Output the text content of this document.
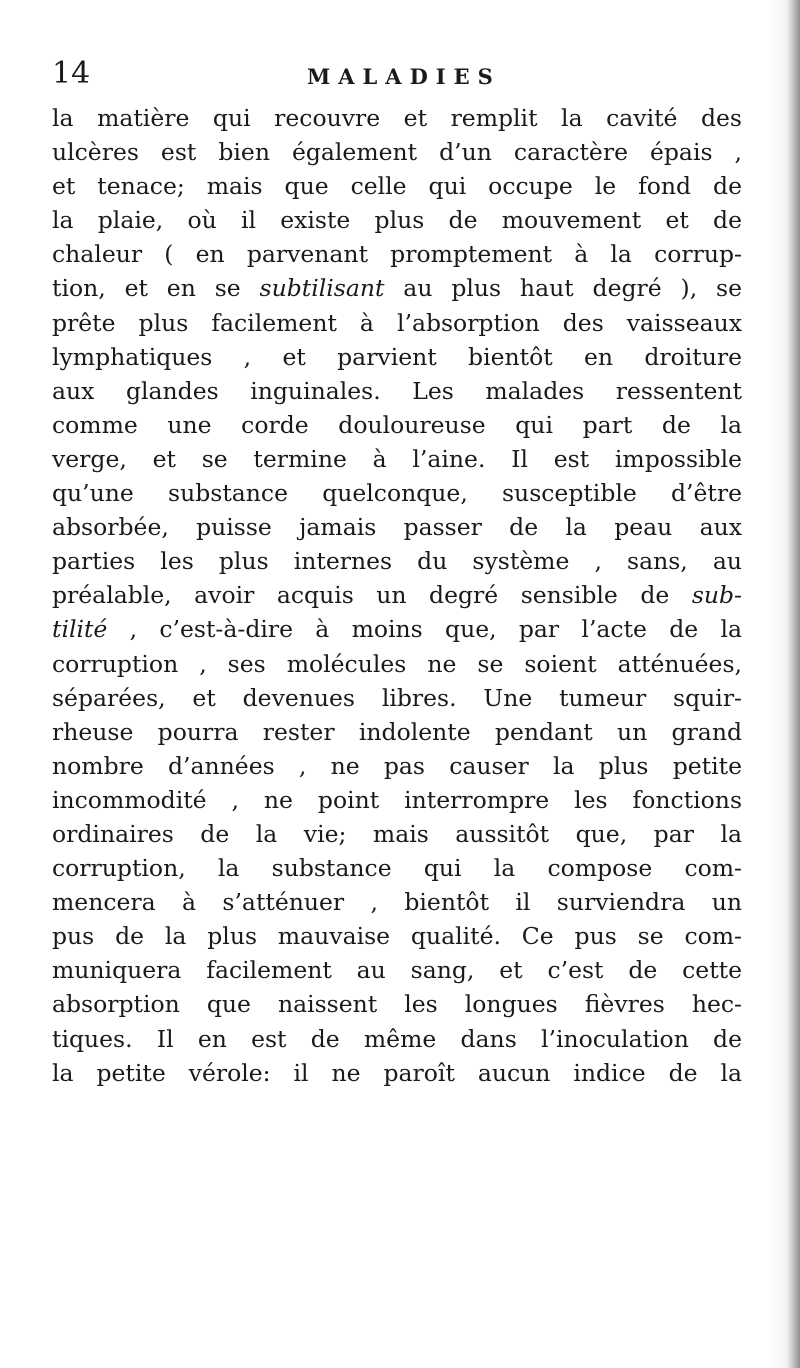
14	MALADIES
la matière qui recouvre et remplit la cavité des
ulcères est bien également d’un caractère épais ,
et tenace; mais que celle qui occupe le fond de
la plaie, où il existe plus de mouvement et de
chaleur ( en parvenant promptement à la corrup-
tion, et en se subtilisant au plus haut degré ), se
prête plus facilement à l’absorption des vaisseaux
lymphatiques , et parvient bientôt en droiture
aux glandes inguinales. Les malades ressentent
comme une corde douloureuse qui part de la
verge, et se termine à l’aine. Il est impossible
qu’une substance quelconque, susceptible d’être
absorbée, puisse jamais passer de la peau aux
parties les plus internes du système , sans, au
préalable, avoir acquis un degré sensible de sub-
tilité , c’est-à-dire à moins que, par l’acte de la
corruption , ses molécules ne se soient atténuées,
séparées, et devenues libres. Une tumeur squir-
rheuse pourra rester indolente pendant un grand
nombre d’années , ne pas causer la plus petite
incommodité , ne point interrompre les fonctions
ordinaires de la vie; mais aussitôt que, par la
corruption, la substance qui la compose com-
mencera à s’atténuer , bientôt il surviendra un
pus de la plus mauvaise qualité. Ce pus se com-
muniquera facilement au sang, et c’est de cette
absorption que naissent les longues fièvres hec-
tiques. Il en est de même dans l’inoculation de
la petite vérole: il ne paroît aucun indice de la
